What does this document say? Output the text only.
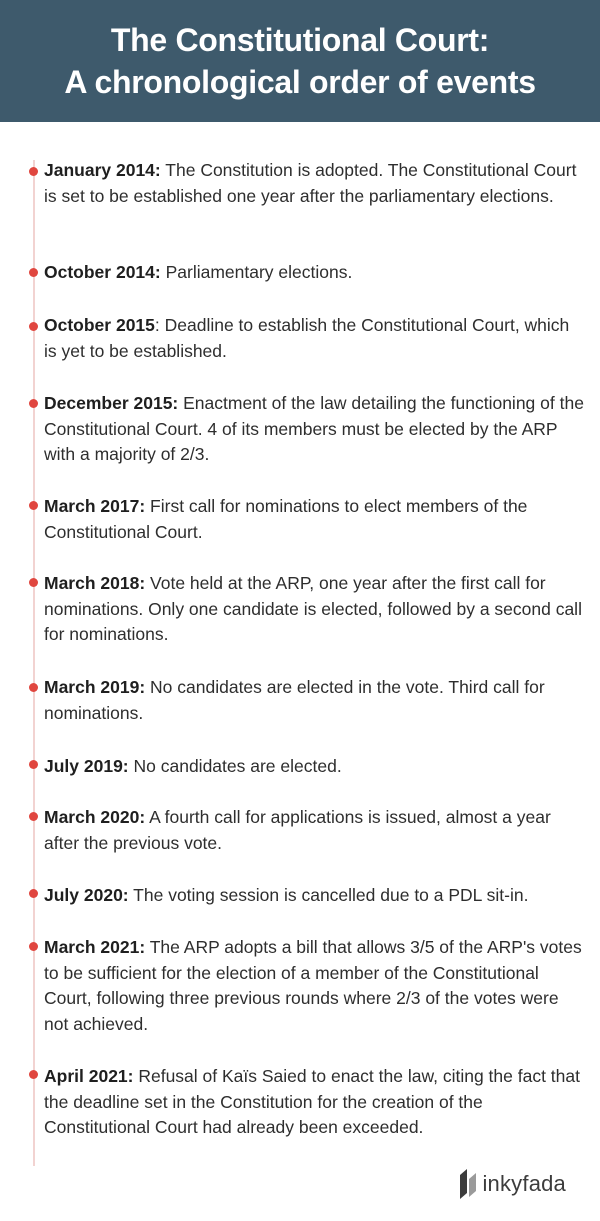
The Constitutional Court:
A chronological order of events

January 2014: The Constitution is adopted. The Constitutional Court is set to be established one year after the parliamentary elections.

October 2014: Parliamentary elections.

October 2015: Deadline to establish the Constitutional Court, which is yet to be established.

December 2015: Enactment of the law detailing the functioning of the Constitutional Court. 4 of its members must be elected by the ARP with a majority of 2/3.

March 2017: First call for nominations to elect members of the Constitutional Court.

March 2018: Vote held at the ARP, one year after the first call for nominations. Only one candidate is elected, followed by a second call for nominations.

March 2019: No candidates are elected in the vote. Third call for nominations.

July 2019: No candidates are elected.

March 2020: A fourth call for applications is issued, almost a year after the previous vote.

July 2020: The voting session is cancelled due to a PDL sit-in.

March 2021: The ARP adopts a bill that allows 3/5 of the ARP's votes to be sufficient for the election of a member of the Constitutional Court, following three previous rounds where 2/3 of the votes were not achieved.

April 2021: Refusal of Kaïs Saied to enact the law, citing the fact that the deadline set in the Constitution for the creation of the Constitutional Court had already been exceeded.

inkyfada
